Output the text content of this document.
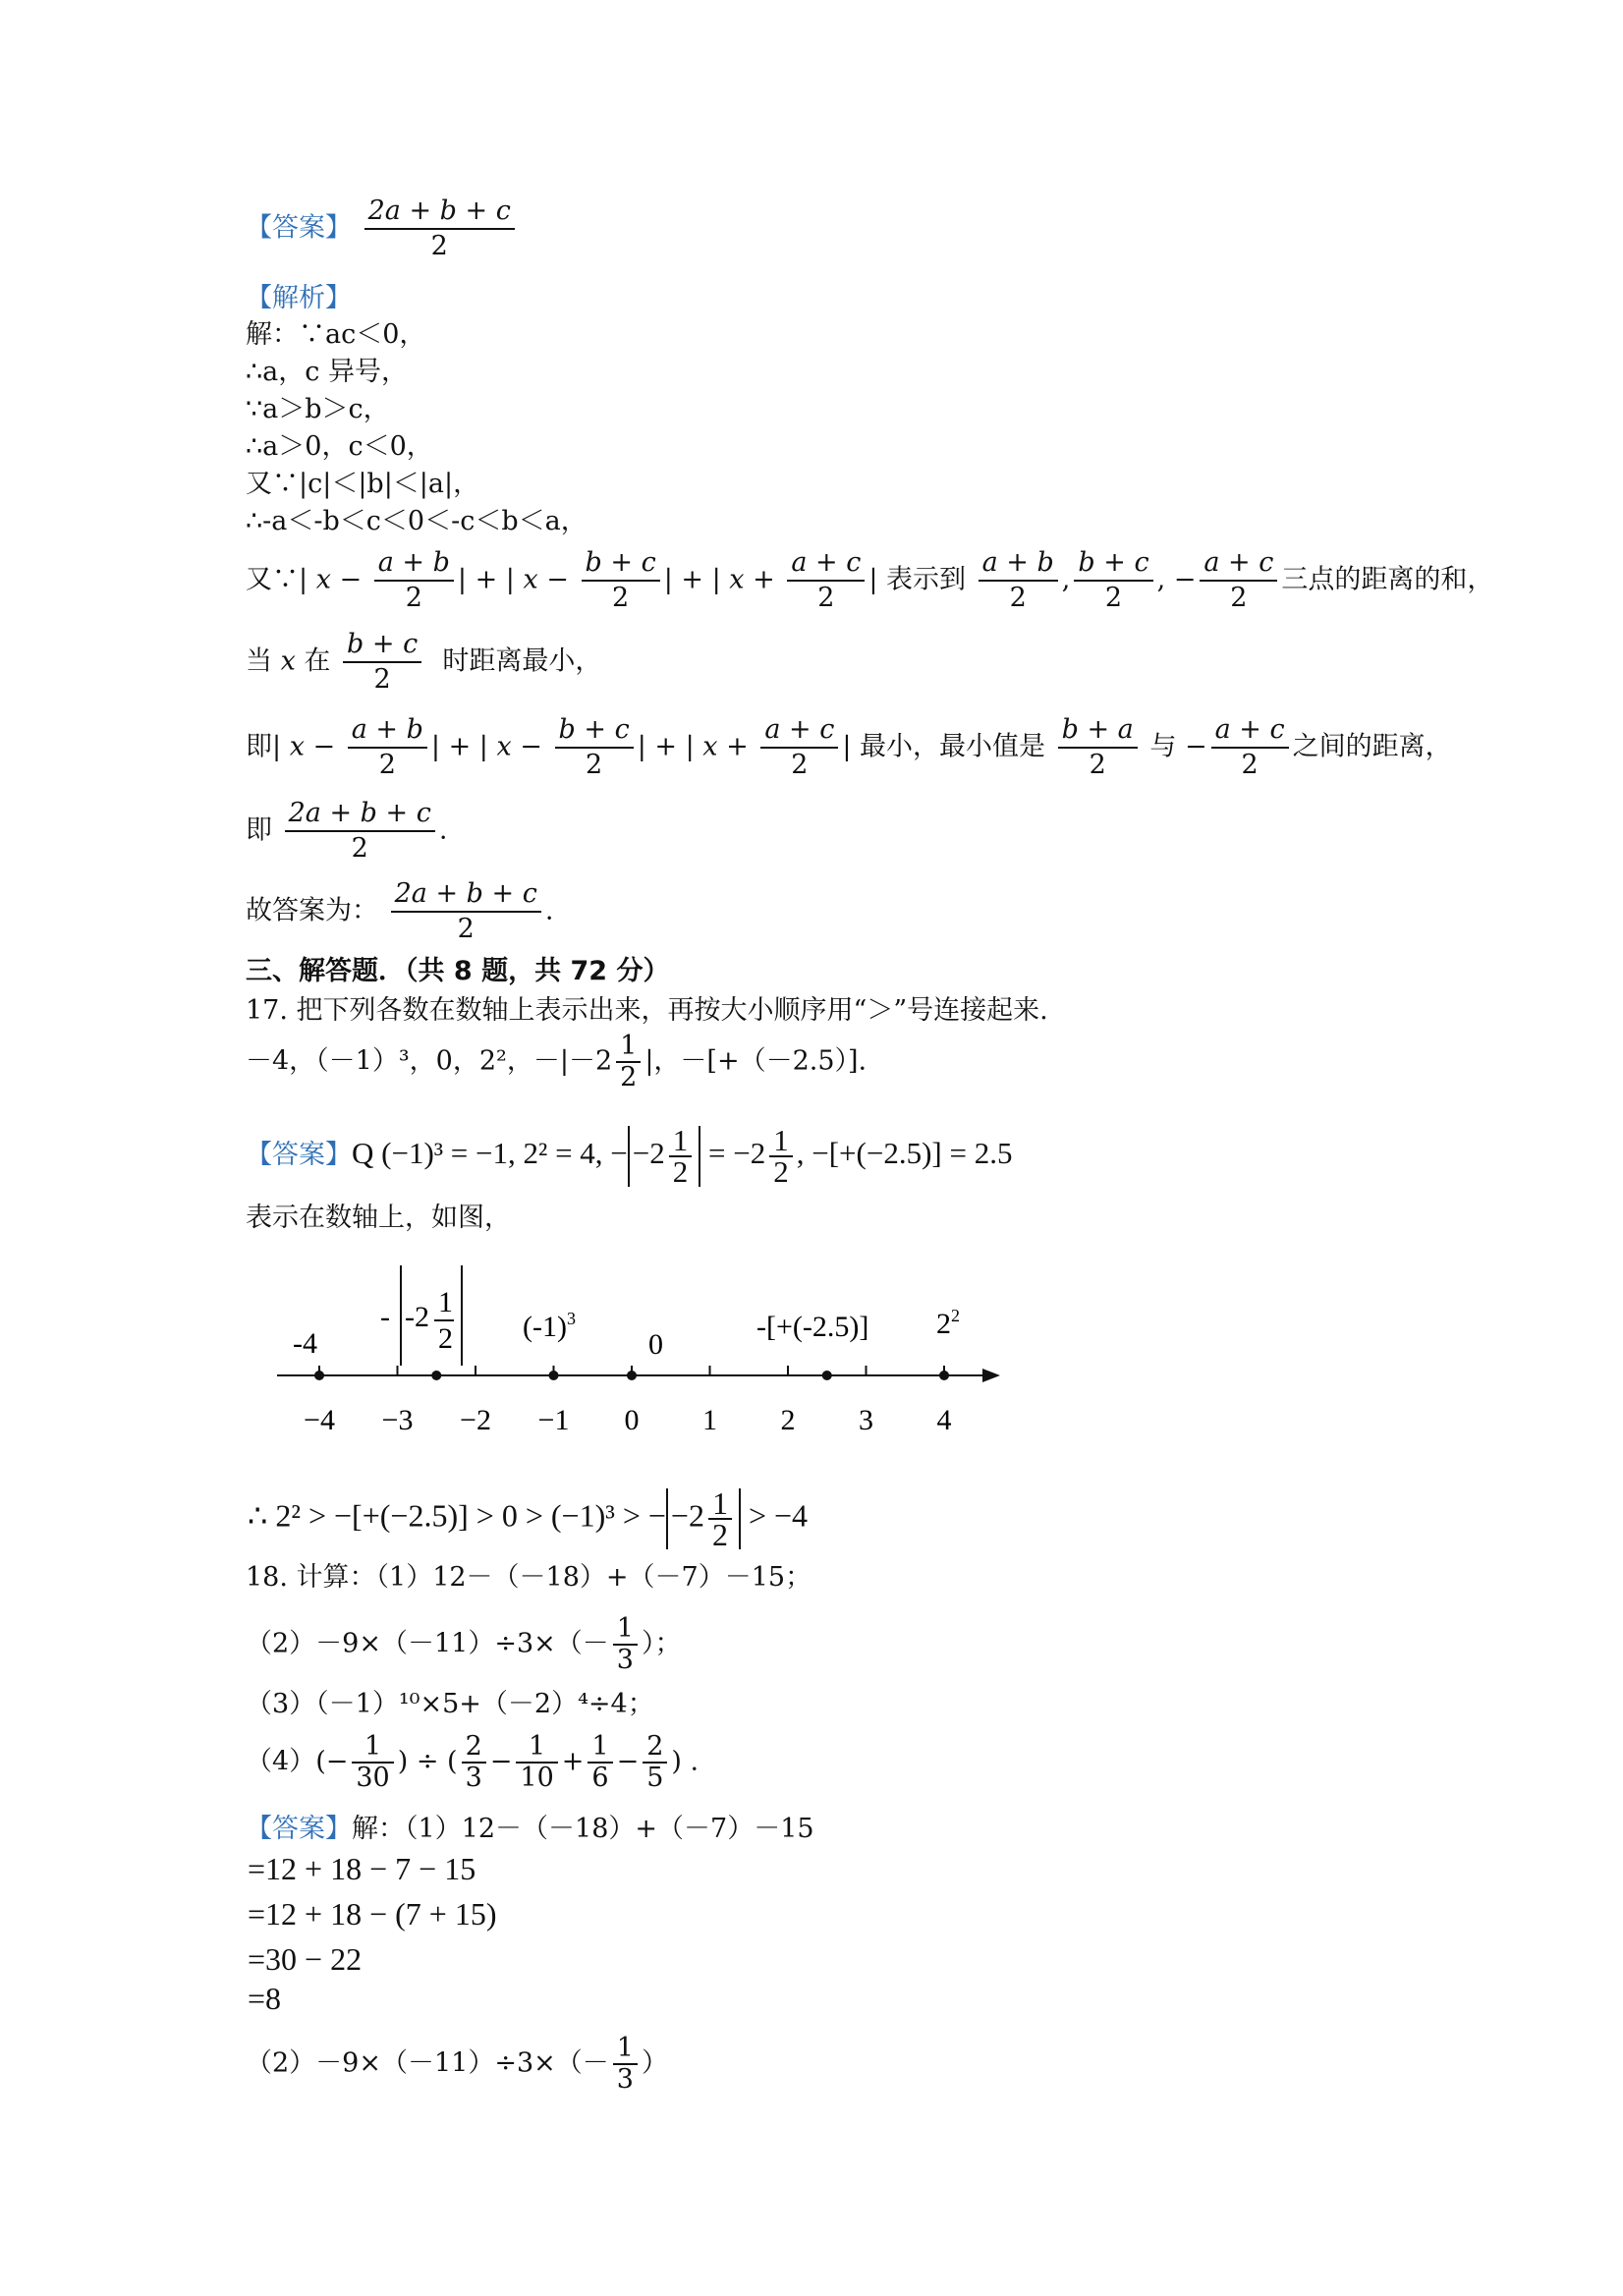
【答案】 $\frac{2a + b + c}{2}$
【解析】
解：∵ac＜0，
∴a，c 异号，
∵a＞b＞c，
∴a＞0，c＜0，
又∵|c|＜|b|＜|a|，
∴-a＜-b＜c＜0＜-c＜b＜a，
又∵| $x - \frac{a + b}{2}$ | + | $x - \frac{b + c}{2}$ | + | $x + \frac{a + c}{2}$ | 表示到 $\frac{a + b}{2}$ , $\frac{b + c}{2}$ , − $\frac{a + c}{2}$ 三点的距离的和，
当 x 在 $\frac{b + c}{2}$ 时距离最小，
即| $x - \frac{a + b}{2}$ | + | $x - \frac{b + c}{2}$ | + | $x + \frac{a + c}{2}$ | 最小，最小值是 $\frac{b + a}{2}$ 与 − $\frac{a + c}{2}$ 之间的距离，
即 $\frac{2a + b + c}{2}$ .
故答案为： $\frac{2a + b + c}{2}$ .
三、解答题．（共 8 题，共 72 分）
17. 把下列各数在数轴上表示出来，再按大小顺序用“＞”号连接起来.
－4，（－1）³，0，2²，$-|-2 \frac{1}{2}$ |，－[+（－2.5）].
【答案】Q (−1)³ = −1, 2² = 4, − $-2 \frac{1}{2} = -2 \frac{1}{2}$ , −[+(−2.5)] = 2.5
表示在数轴上，如图，
−4 −3 −2 −1 0 1 2 3 4
-4
- -2 1
2 $(-1)^3$
0
-[+(-2.5)] $2^2$
∴ 2² > −[+(−2.5)] > 0 > (−1)³ > − $-2 \frac{1}{2} > -4$
18. 计算：（1）12－（－18）+（－7）－15；
$(2)-9\times(-11)\div 3\times(- \frac{1}{3}$ ）；
（3）（－1）¹⁰×5+（－2）⁴÷4；
$(4)(- \frac{1}{30}$ ) ÷ ( $\frac{2}{3} - \frac{1}{10} + \frac{1}{6} - \frac{2}{5}$ ) .
【答案】解：（1）12－（－18）+（－7）－15
=12 + 18 − 7 − 15
=12 + 18 − (7 + 15)
=30 − 22
=8
$(2)-9\times(-11)\div 3\times(- \frac{1}{3}$ ）
